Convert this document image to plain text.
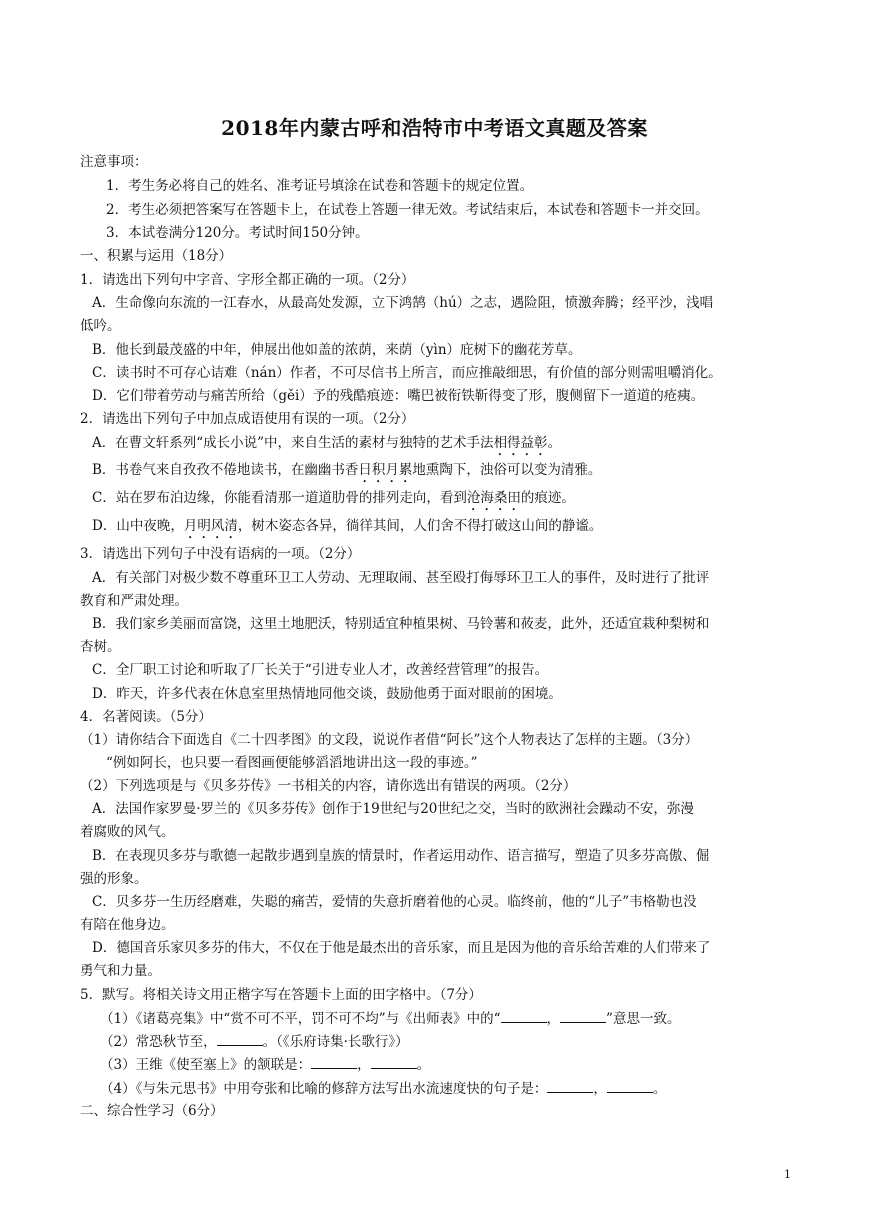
2018年内蒙古呼和浩特市中考语文真题及答案
注意事项：
1．考生务必将自己的姓名、准考证号填涂在试卷和答题卡的规定位置。
2．考生必须把答案写在答题卡上，在试卷上答题一律无效。考试结束后，本试卷和答题卡一并交回。
3．本试卷满分120分。考试时间150分钟。
一、积累与运用（18分）
1．请选出下列句中字音、字形全都正确的一项。（2分）
A．生命像向东流的一江春水，从最高处发源，立下鸿鹄（hú）之志，遇险阻，愤激奔腾；经平沙，浅唱
低吟。
B．他长到最茂盛的中年，伸展出他如盖的浓荫，来荫（yìn）庇树下的幽花芳草。
C．读书时不可存心诘难（nán）作者，不可尽信书上所言，而应推敲细思，有价值的部分则需咀嚼消化。
D．它们带着劳动与痛苦所给（gěi）予的残酷痕迹：嘴巴被衔铁靳得变了形，腹侧留下一道道的疮痍。
2．请选出下列句子中加点成语使用有误的一项。（2分）
A．在曹文轩系列“成长小说”中，来自生活的素材与独特的艺术手法相得益彰。
B．书卷气来自孜孜不倦地读书，在幽幽书香日积月累地熏陶下，浊俗可以变为清雅。
C．站在罗布泊边缘，你能看清那一道道肋骨的排列走向，看到沧海桑田的痕迹。
D．山中夜晚，月明风清，树木姿态各异，徜徉其间，人们舍不得打破这山间的静谧。
3．请选出下列句子中没有语病的一项。（2分）
A．有关部门对极少数不尊重环卫工人劳动、无理取闹、甚至殴打侮辱环卫工人的事件，及时进行了批评
教育和严肃处理。
B．我们家乡美丽而富饶，这里土地肥沃，特别适宜种植果树、马铃薯和莜麦，此外，还适宜栽种梨树和
杏树。
C．全厂职工讨论和听取了厂长关于“引进专业人才，改善经营管理”的报告。
D．昨天，许多代表在休息室里热情地同他交谈，鼓励他勇于面对眼前的困境。
4．名著阅读。（5分）
（1）请你结合下面选自《二十四孝图》的文段，说说作者借“阿长”这个人物表达了怎样的主题。（3分）
“例如阿长，也只要一看图画便能够滔滔地讲出这一段的事迹。”
（2）下列选项是与《贝多芬传》一书相关的内容，请你选出有错误的两项。（2分）
A．法国作家罗曼·罗兰的《贝多芬传》创作于19世纪与20世纪之交，当时的欧洲社会躁动不安，弥漫
着腐败的风气。
B．在表现贝多芬与歌德一起散步遇到皇族的情景时，作者运用动作、语言描写，塑造了贝多芬高傲、倔
强的形象。
C．贝多芬一生历经磨难，失聪的痛苦，爱情的失意折磨着他的心灵。临终前，他的“儿子”韦格勒也没
有陪在他身边。
D．德国音乐家贝多芬的伟大，不仅在于他是最杰出的音乐家，而且是因为他的音乐给苦难的人们带来了
勇气和力量。
5．默写。将相关诗文用正楷字写在答题卡上面的田字格中。（7分）
（1）《诸葛亮集》中“赏不可不平，罚不可不均”与《出师表》中的“	，	”意思一致。
（2）常恐秋节至，	。（《乐府诗集·长歌行》）
（3）王维《使至塞上》的颔联是：	，	。
（4）《与朱元思书》中用夸张和比喻的修辞方法写出水流速度快的句子是：	，	。
二、综合性学习（6分）
1
